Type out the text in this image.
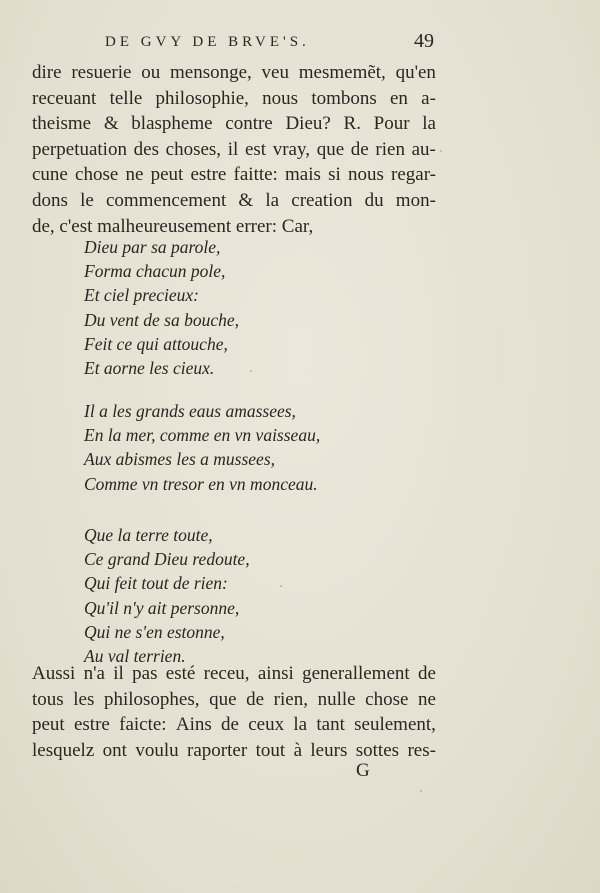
DE GVY DE BRVE'S.	49
dire resuerie ou mensonge, veu mesmemẽt, qu'en
receuant telle philosophie, nous tombons en a-
theisme & blaspheme contre Dieu? R. Pour la
perpetuation des choses, il est vray, que de rien au-
cune chose ne peut estre faitte: mais si nous regar-
dons le commencement & la creation du mon-
de, c'est malheureusement errer: Car,
Dieu par sa parole,
Forma chacun pole,
Et ciel precieux:
Du vent de sa bouche,
Feit ce qui attouche,
Et aorne les cieux.
Il a les grands eaus amassees,
En la mer, comme en vn vaisseau,
Aux abismes les a mussees,
Comme vn tresor en vn monceau.
Que la terre toute,
Ce grand Dieu redoute,
Qui feit tout de rien:
Qu'il n'y ait personne,
Qui ne s'en estonne,
Au val terrien.
Aussi n'a il pas esté receu, ainsi generallement de
tous les philosophes, que de rien, nulle chose ne
peut estre faicte: Ains de ceux la tant seulement,
lesquelz ont voulu raporter tout à leurs sottes res-
G
